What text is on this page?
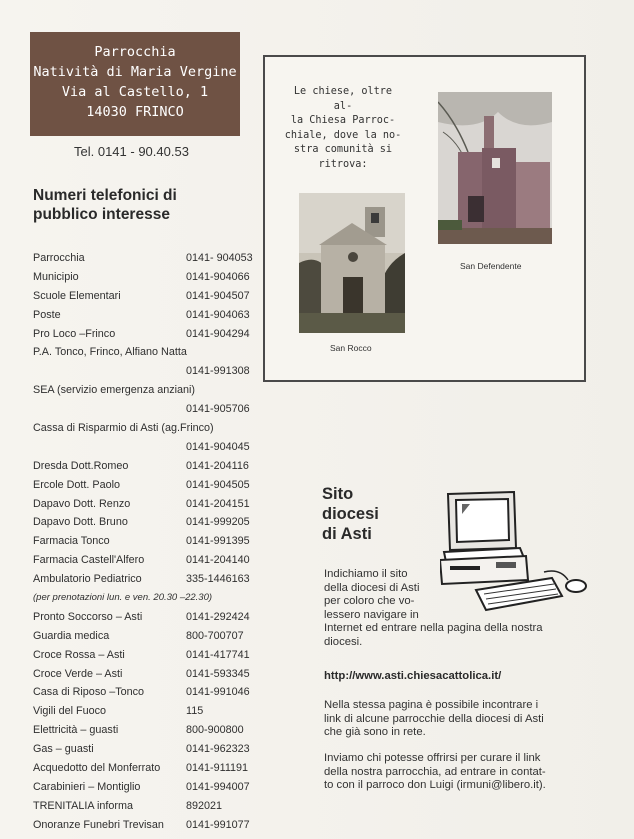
Parrocchia
Natività di Maria Vergine
Via al Castello, 1
14030 FRINCO
Tel. 0141 - 90.40.53
Numeri telefonici di pubblico interesse
Parrocchia	0141- 904053
Municipio	0141-904066
Scuole Elementari	0141-904507
Poste	0141-904063
Pro Loco –Frinco	0141-904294
P.A. Tonco, Frinco, Alfiano Natta
0141-991308
SEA (servizio emergenza anziani)
0141-905706
Cassa di Risparmio di Asti (ag.Frinco)
0141-904045
Dresda Dott.Romeo	0141-204116
Ercole Dott. Paolo	0141-904505
Dapavo Dott. Renzo	0141-204151
Dapavo Dott. Bruno	0141-999205
Farmacia Tonco	0141-991395
Farmacia Castell'Alfero	0141-204140
Ambulatorio Pediatrico	335-1446163
(per prenotazioni lun. e ven. 20.30 –22.30)
Pronto Soccorso – Asti	0141-292424
Guardia medica	800-700707
Croce Rossa – Asti	0141-417741
Croce Verde – Asti	0141-593345
Casa di Riposo –Tonco	0141-991046
Vigili del Fuoco	115
Elettricità – guasti	800-900800
Gas – guasti	0141-962323
Acquedotto del Monferrato 0141-911191
Carabinieri – Montiglio	0141-994007
TRENITALIA informa	892021
Onoranze Funebri Trevisan 0141-991077
Le chiese, oltre al-
la Chiesa Parroc-
chiale, dove la no-
stra comunità si
ritrova:
San Rocco
San Defendente
Sito
diocesi
di Asti
Indichiamo il sito
della diocesi di Asti
per coloro che vo-
lessero navigare in
Internet ed entrare nella pagina della nostra
diocesi.
http://www.asti.chiesacattolica.it/
Nella stessa pagina è possibile incontrare i
link di alcune parrocchie della diocesi di Asti
che già sono in rete.
Inviamo chi potesse offrirsi per curare il link
della nostra parrocchia, ad entrare in contat-
to con il parroco don Luigi (irmuni@libero.it).
